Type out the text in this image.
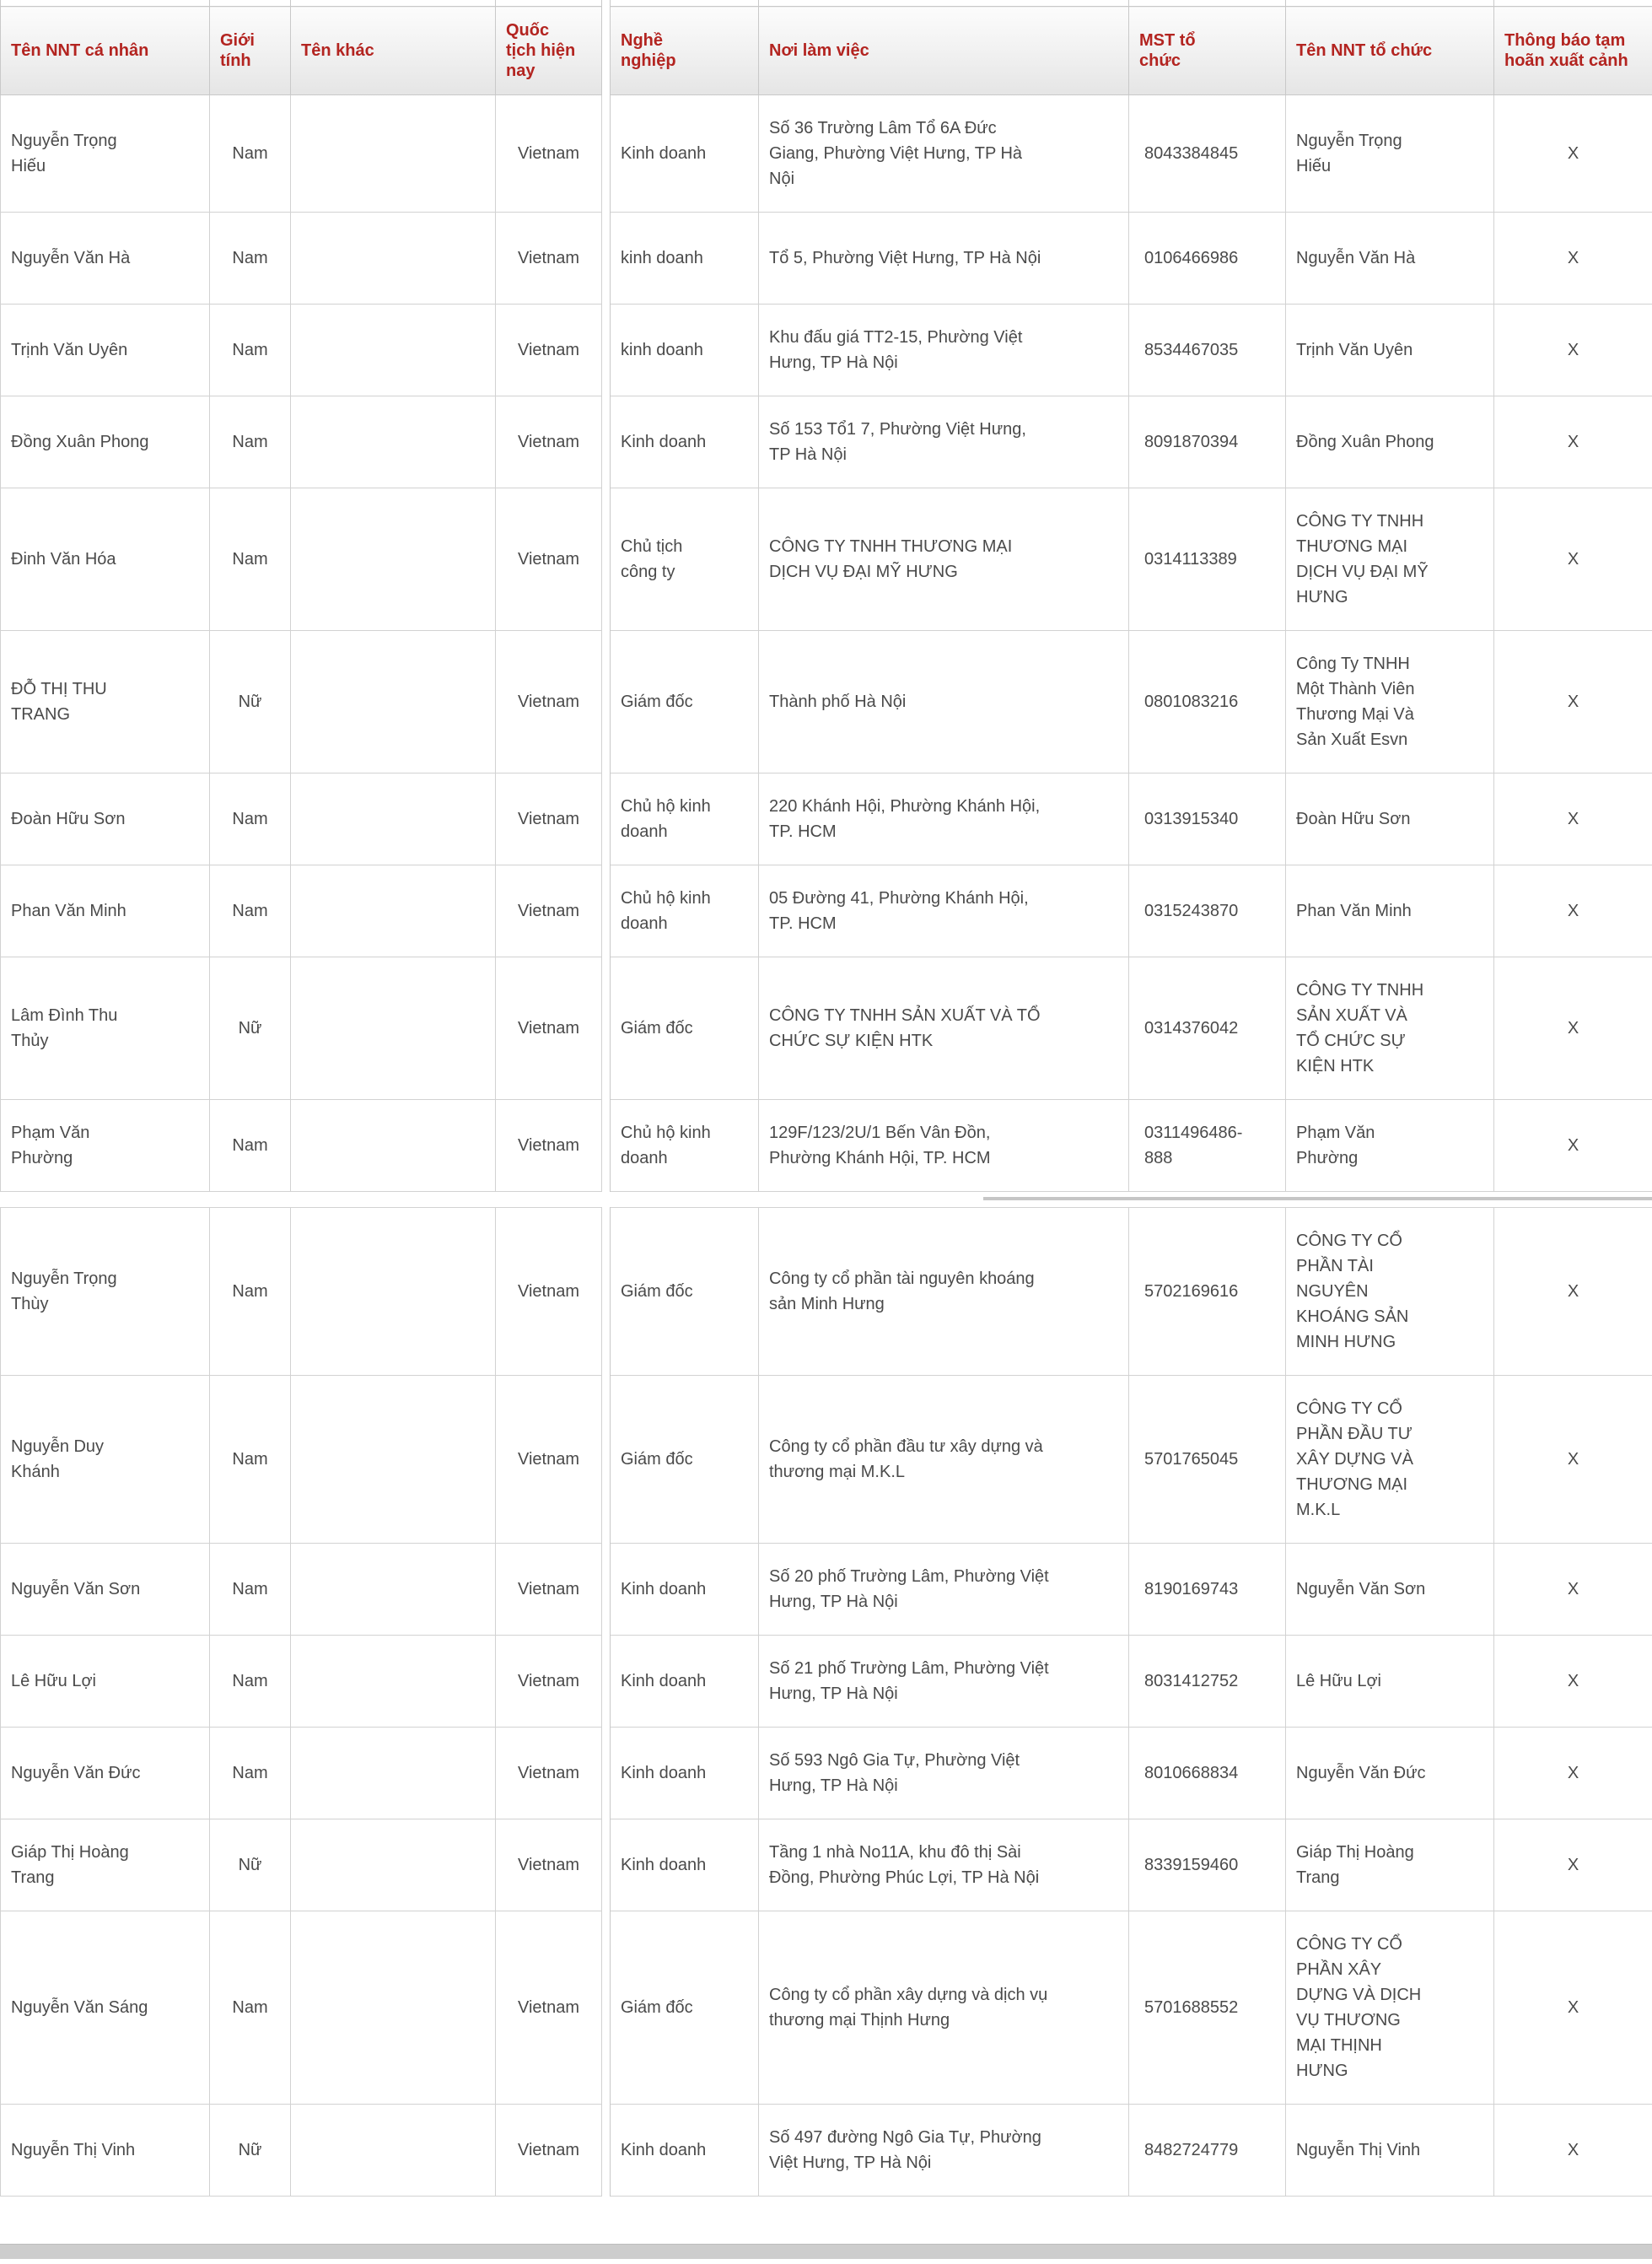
Tên NNT cá nhân	Giới tính	Tên khác	Quốc tịch hiện nay		Nghề nghiệp	Nơi làm việc	MST tổ chức	Tên NNT tổ chức	Thông báo tạm hoãn xuất cảnh
Nguyễn Trọng Hiếu	Nam		Vietnam		Kinh doanh	Số 36 Trường Lâm Tổ 6A Đức Giang, Phường Việt Hưng, TP Hà Nội	8043384845	Nguyễn Trọng Hiếu	X
Nguyễn Văn Hà	Nam		Vietnam		kinh doanh	Tổ 5, Phường Việt Hưng, TP Hà Nội	0106466986	Nguyễn Văn Hà	X
Trịnh Văn Uyên	Nam		Vietnam		kinh doanh	Khu đấu giá TT2-15, Phường Việt Hưng, TP Hà Nội	8534467035	Trịnh Văn Uyên	X
Đồng Xuân Phong	Nam		Vietnam		Kinh doanh	Số 153 Tổ1 7, Phường Việt Hưng, TP Hà Nội	8091870394	Đồng Xuân Phong	X
Đinh Văn Hóa	Nam		Vietnam		Chủ tịch công ty	CÔNG TY TNHH THƯƠNG MẠI DỊCH VỤ ĐẠI MỸ HƯNG	0314113389	CÔNG TY TNHH THƯƠNG MẠI DỊCH VỤ ĐẠI MỸ HƯNG	X
ĐỖ THỊ THU TRANG	Nữ		Vietnam		Giám đốc	Thành phố Hà Nội	0801083216	Công Ty TNHH Một Thành Viên Thương Mại Và Sản Xuất Esvn	X
Đoàn Hữu Sơn	Nam		Vietnam		Chủ hộ kinh doanh	220 Khánh Hội, Phường Khánh Hội, TP. HCM	0313915340	Đoàn Hữu Sơn	X
Phan Văn Minh	Nam		Vietnam		Chủ hộ kinh doanh	05 Đường 41, Phường Khánh Hội, TP. HCM	0315243870	Phan Văn Minh	X
Lâm Đình Thu Thủy	Nữ		Vietnam		Giám đốc	CÔNG TY TNHH SẢN XUẤT VÀ TỔ CHỨC SỰ KIỆN HTK	0314376042	CÔNG TY TNHH SẢN XUẤT VÀ TỔ CHỨC SỰ KIỆN HTK	X
Phạm Văn Phường	Nam		Vietnam		Chủ hộ kinh doanh	129F/123/2U/1 Bến Vân Đồn, Phường Khánh Hội, TP. HCM	0311496486-888	Phạm Văn Phường	X
Nguyễn Trọng Thùy	Nam		Vietnam		Giám đốc	Công ty cổ phần tài nguyên khoáng sản Minh Hưng	5702169616	CÔNG TY CỔ PHẦN TÀI NGUYÊN KHOÁNG SẢN MINH HƯNG	X
Nguyễn Duy Khánh	Nam		Vietnam		Giám đốc	Công ty cổ phần đầu tư xây dựng và thương mại M.K.L	5701765045	CÔNG TY CỔ PHẦN ĐẦU TƯ XÂY DỰNG VÀ THƯƠNG MẠI M.K.L	X
Nguyễn Văn Sơn	Nam		Vietnam		Kinh doanh	Số 20 phố Trường Lâm, Phường Việt Hưng, TP Hà Nội	8190169743	Nguyễn Văn Sơn	X
Lê Hữu Lợi	Nam		Vietnam		Kinh doanh	Số 21 phố Trường Lâm, Phường Việt Hưng, TP Hà Nội	8031412752	Lê Hữu Lợi	X
Nguyễn Văn Đức	Nam		Vietnam		Kinh doanh	Số 593 Ngô Gia Tự, Phường Việt Hưng, TP Hà Nội	8010668834	Nguyễn Văn Đức	X
Giáp Thị Hoàng Trang	Nữ		Vietnam		Kinh doanh	Tầng 1 nhà No11A, khu đô thị Sài Đồng, Phường Phúc Lợi, TP Hà Nội	8339159460	Giáp Thị Hoàng Trang	X
Nguyễn Văn Sáng	Nam		Vietnam		Giám đốc	Công ty cổ phần xây dựng và dịch vụ thương mại Thịnh Hưng	5701688552	CÔNG TY CỔ PHẦN XÂY DỰNG VÀ DỊCH VỤ THƯƠNG MẠI THỊNH HƯNG	X
Nguyễn Thị Vinh	Nữ		Vietnam		Kinh doanh	Số 497 đường Ngô Gia Tự, Phường Việt Hưng, TP Hà Nội	8482724779	Nguyễn Thị Vinh	X
